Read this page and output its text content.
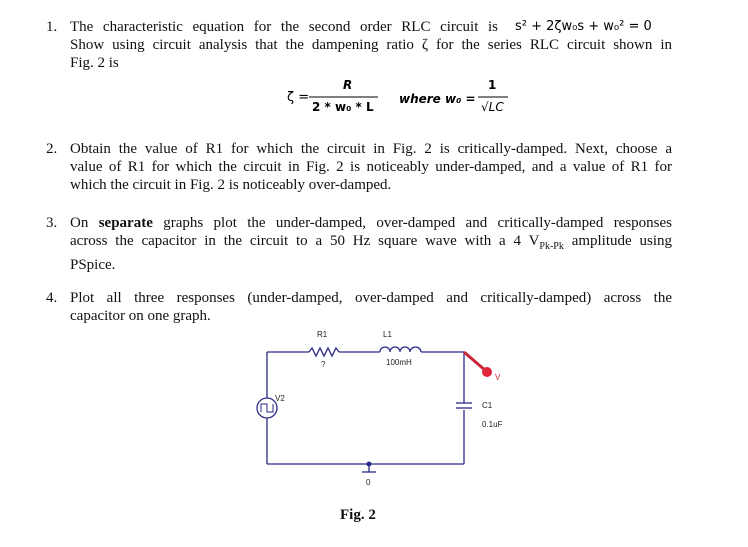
1. The characteristic equation for the second order RLC circuit is
Show using circuit analysis that the dampening ratio ζ for the series RLC circuit shown in
Fig. 2 is
s² + 2ζw₀s + w₀² = 0
ζ =
R
2 * w₀ * L
where w₀ =
1
√LC
2. Obtain the value of R1 for which the circuit in Fig. 2 is critically-damped. Next, choose a
value of R1 for which the circuit in Fig. 2 is noticeably under-damped, and a value of R1 for
which the circuit in Fig. 2 is noticeably over-damped.
3. On separate graphs plot the under-damped, over-damped and critically-damped responses
across the capacitor in the circuit to a 50 Hz square wave with a 4 $V_{Pk-Pk}$ amplitude using
PSpice.
4. Plot all three responses (under-damped, over-damped and critically-damped) across the
capacitor on one graph.
R1
?
L1
100mH
C1
0.1uF
V2
0
V
Fig. 2
